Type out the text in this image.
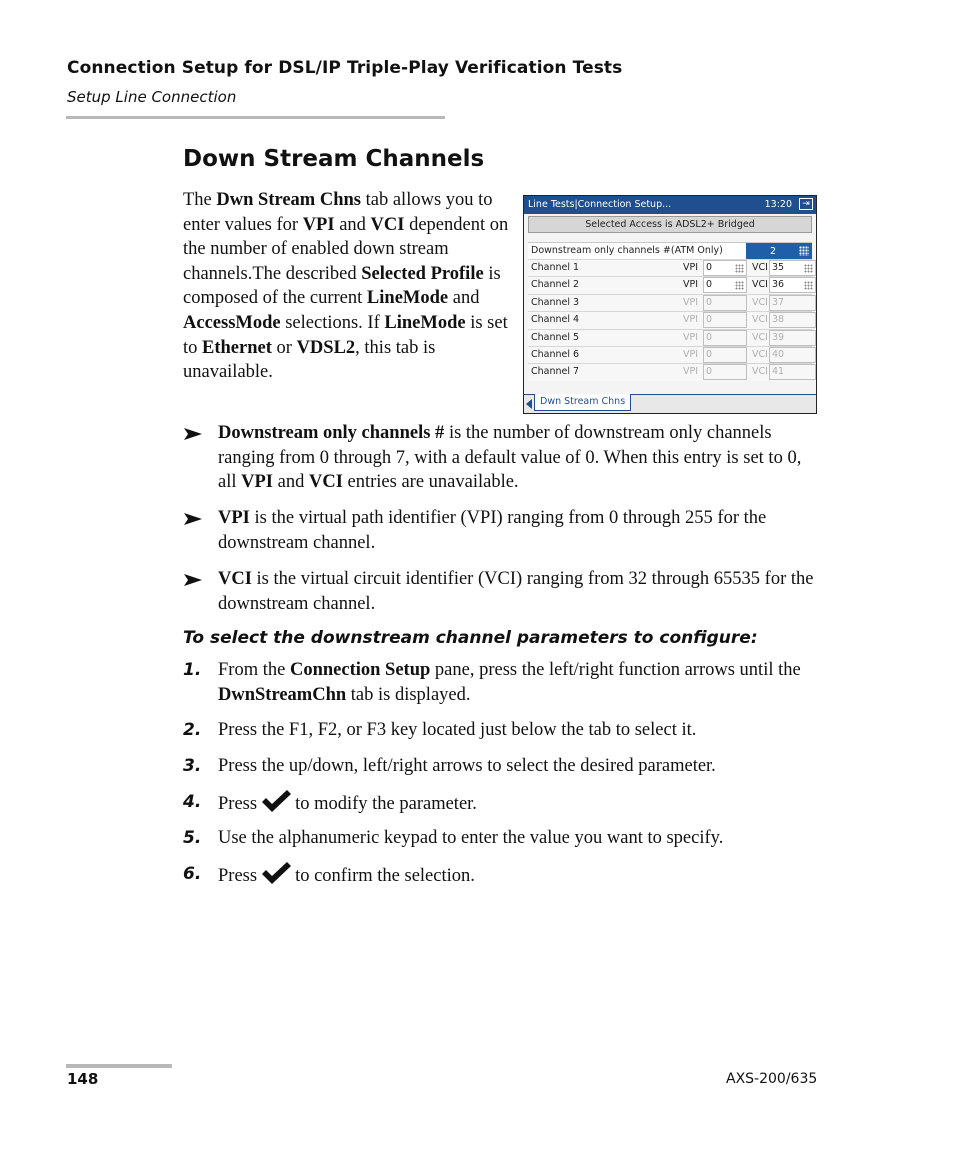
Connection Setup for DSL/IP Triple-Play Verification Tests
Setup Line Connection
Down Stream Channels
The Dwn Stream Chns tab allows you to enter values for VPI and VCI dependent on the number of enabled down stream channels.The described Selected Profile is composed of the current LineMode and AccessMode selections. If LineMode is set to Ethernet or VDSL2, this tab is unavailable.
Line Tests|Connection Setup...	13:20	⇥
Selected Access is ADSL2+ Bridged
Downstream only channels #(ATM Only)	2
Channel 1	VPI 0	VCI 35
Channel 2	VPI 0	VCI 36
Channel 3	VPI 0	VCI 37
Channel 4	VPI 0	VCI 38
Channel 5	VPI 0	VCI 39
Channel 6	VPI 0	VCI 40
Channel 7	VPI 0	VCI 41
Dwn Stream Chns
Downstream only channels # is the number of downstream only channels ranging from 0 through 7, with a default value of 0. When this entry is set to 0, all VPI and VCI entries are unavailable.
VPI is the virtual path identifier (VPI) ranging from 0 through 255 for the downstream channel.
VCI is the virtual circuit identifier (VCI) ranging from 32 through 65535 for the downstream channel.
To select the downstream channel parameters to configure:
1. From the Connection Setup pane, press the left/right function arrows until the DwnStreamChn tab is displayed.
2. Press the F1, F2, or F3 key located just below the tab to select it.
3. Press the up/down, left/right arrows to select the desired parameter.
4. Press to modify the parameter.
5. Use the alphanumeric keypad to enter the value you want to specify.
6. Press to confirm the selection.
148	AXS-200/635
